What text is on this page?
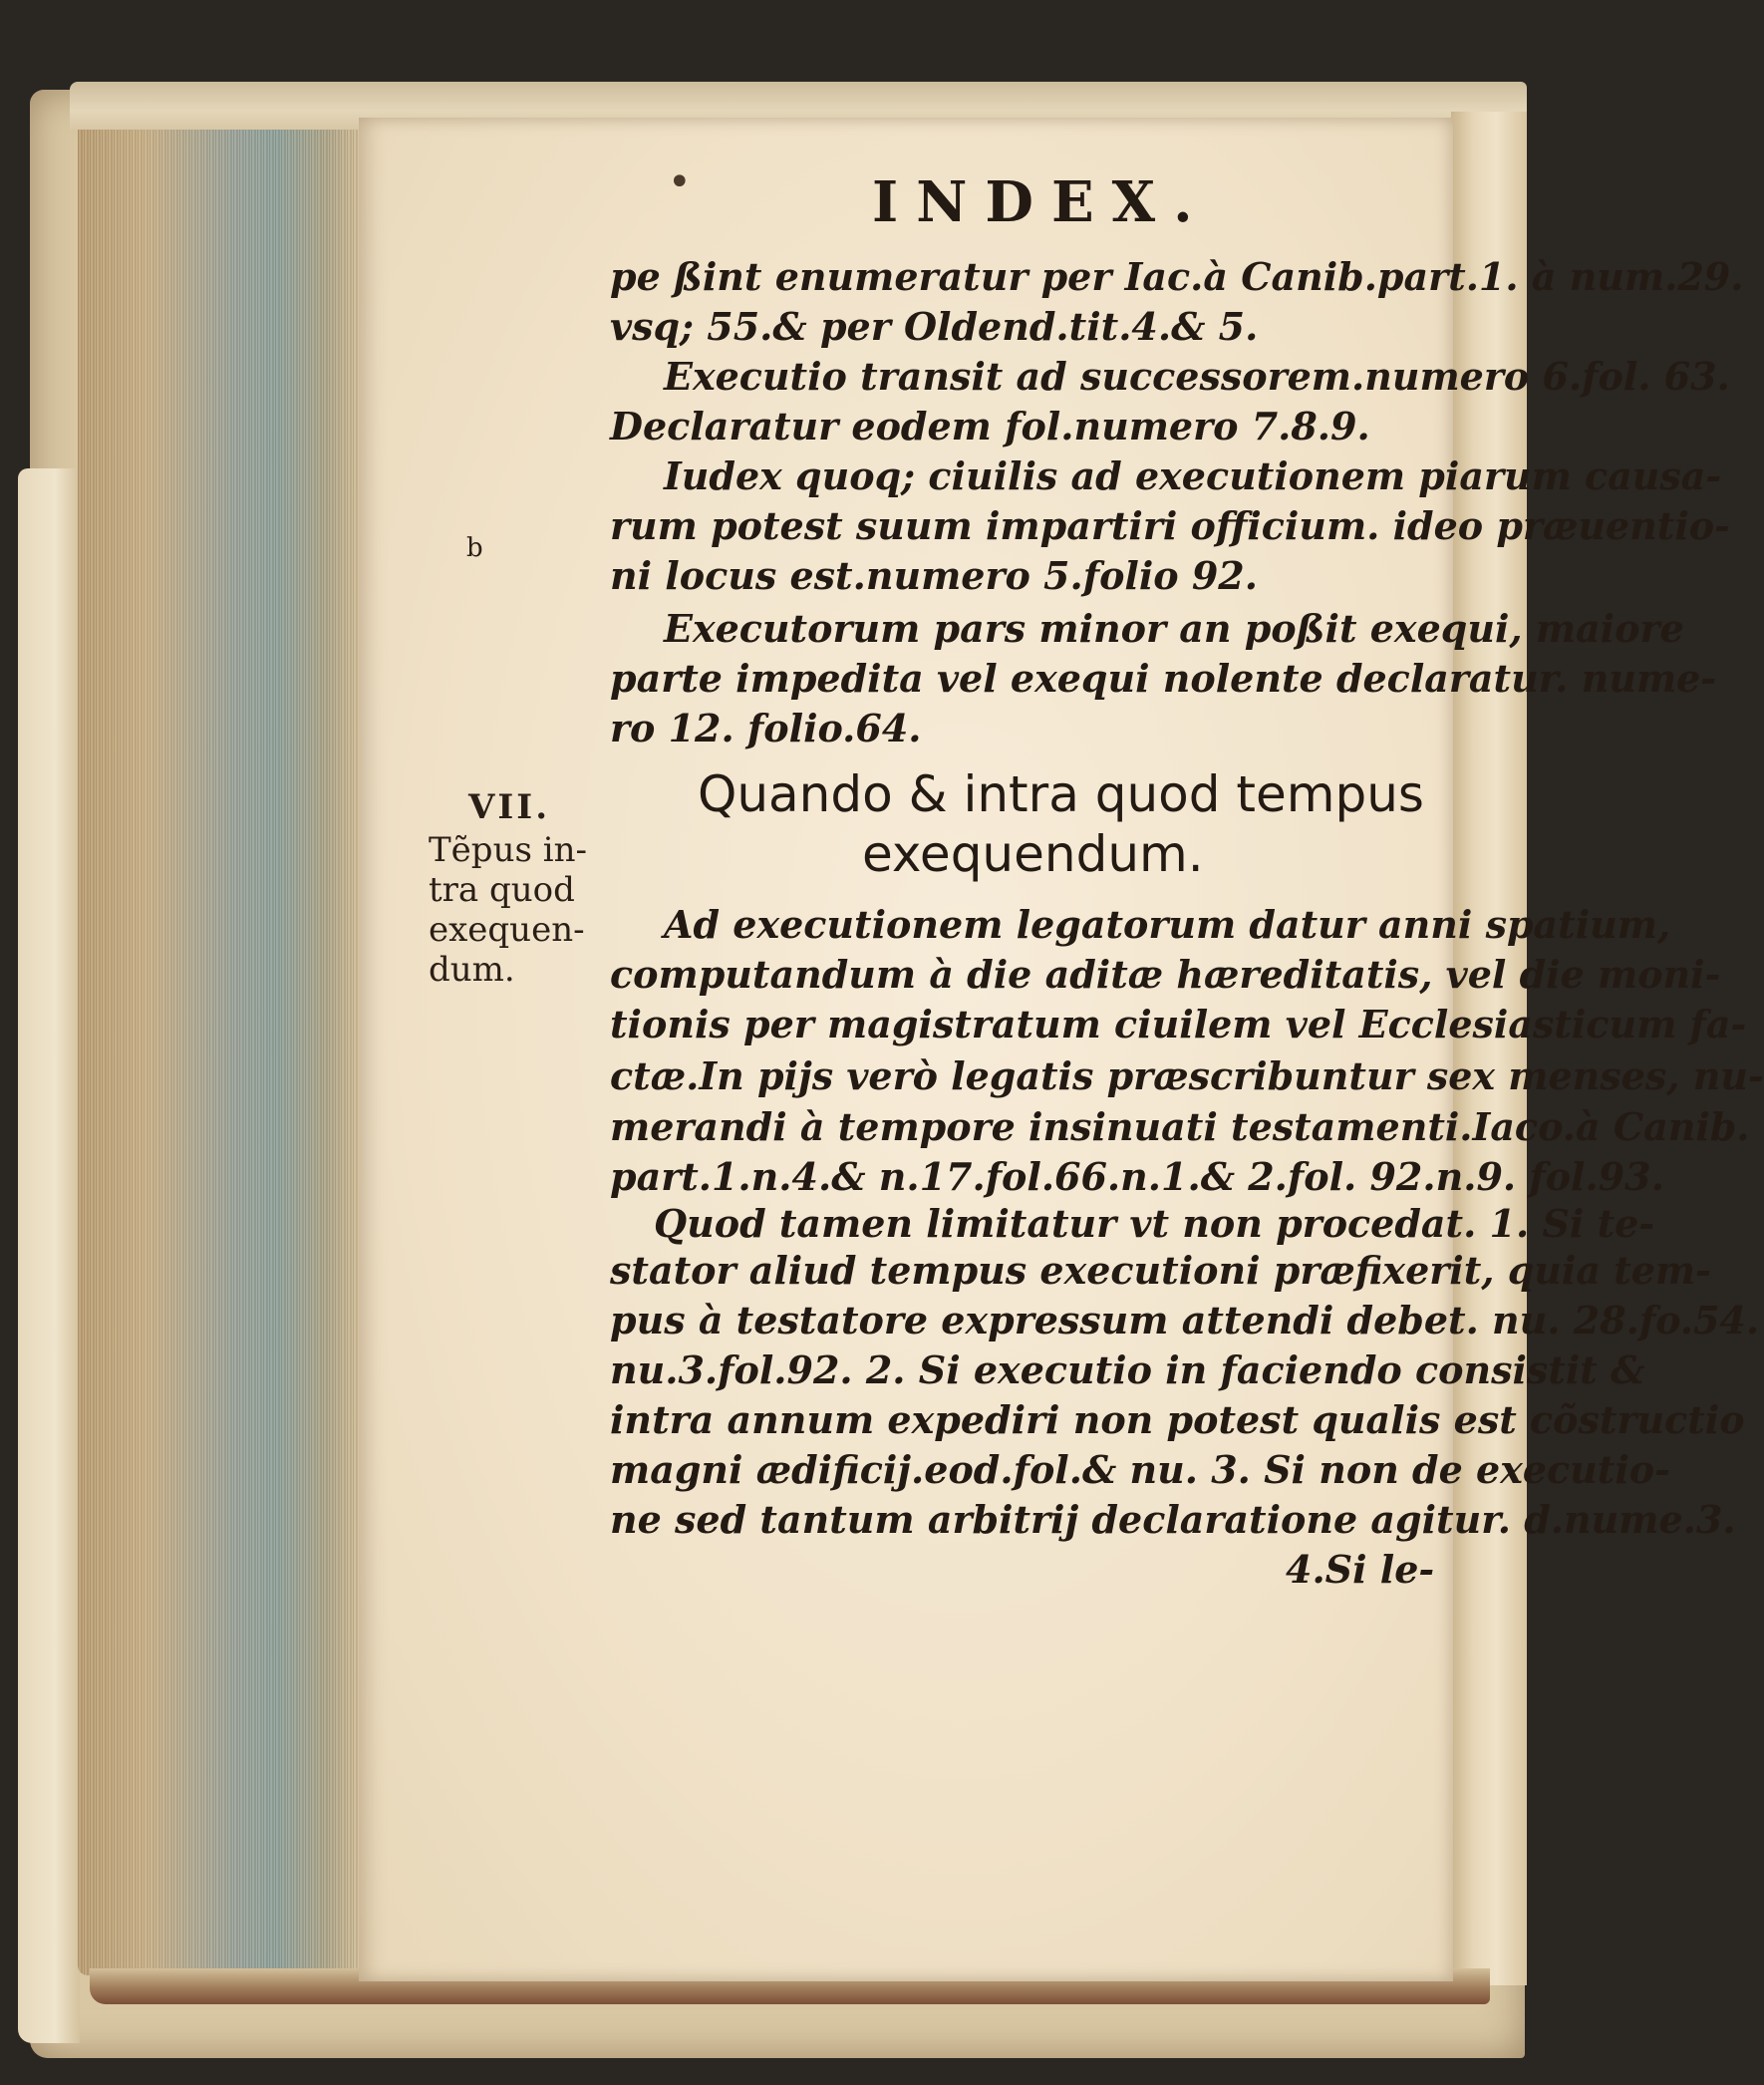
•	INDEX.
pe ßint enumeratur per Iac.à Canib.part.1. à num.29.
vsq; 55.& per Oldend.tit.4.& 5.
Executio transit ad successorem.numero 6.fol. 63.
Declaratur eodem fol.numero 7.8.9.
Iudex quoq; ciuilis ad executionem piarum causa-
rum potest suum impartiri officium. ideo præuentio-
ni locus est.numero 5.folio 92.
Executorum pars minor an poßit exequi, maiore
parte impedita vel exequi nolente declaratur. nume-
ro 12. folio.64.
Quando & intra quod tempus
exequendum.
Ad executionem legatorum datur anni spatium,
computandum à die aditæ hæreditatis, vel die moni-
tionis per magistratum ciuilem vel Ecclesiasticum fa-
ctæ.In pijs verò legatis præscribuntur sex menses, nu-
merandi à tempore insinuati testamenti.Iaco.à Canib.
part.1.n.4.& n.17.fol.66.n.1.& 2.fol. 92.n.9. fol.93.
Quod tamen limitatur vt non procedat. 1. Si te-
stator aliud tempus executioni præfixerit, quia tem-
pus à testatore expressum attendi debet. nu. 28.fo.54.
nu.3.fol.92. 2. Si executio in faciendo consistit &
intra annum expediri non potest qualis est cõstructio
magni ædificij.eod.fol.& nu. 3. Si non de executio-
ne sed tantum arbitrij declaratione agitur. d.nume.3.
4.Si le-
VII.
Tẽpus in-
tra quod
exequen-
dum.
b
